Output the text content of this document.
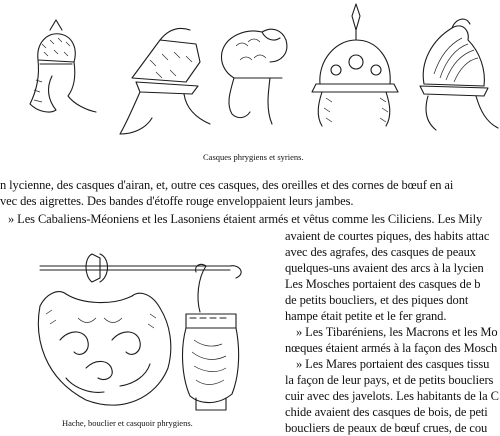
Casques phrygiens et syriens.
n lycienne, des casques d'airan, et, outre ces casques, des oreilles et des cornes de bœuf en ai
vec des aigrettes. Des bandes d'étoffe rouge enveloppaient leurs jambes.
» Les Cabaliens-Méoniens et les Lasoniens étaient armés et vêtus comme les Ciliciens. Les Mily
avaient de courtes piques, des habits attac
avec des agrafes, des casques de peaux
quelques-uns avaient des arcs à la lycien
Les Mosches portaient des casques de b
de petits boucliers, et des piques dont
hampe était petite et le fer grand.
» Les Tibaréniens, les Macrons et les Mo
nœques étaient armés à la façon des Mosch
» Les Mares portaient des casques tissu
la façon de leur pays, et de petits boucliers
cuir avec des javelots. Les habitants de la C
chide avaient des casques de bois, de peti
boucliers de peaux de bœuf crues, de cou
Hache, bouclier et casquoir phrygiens.
